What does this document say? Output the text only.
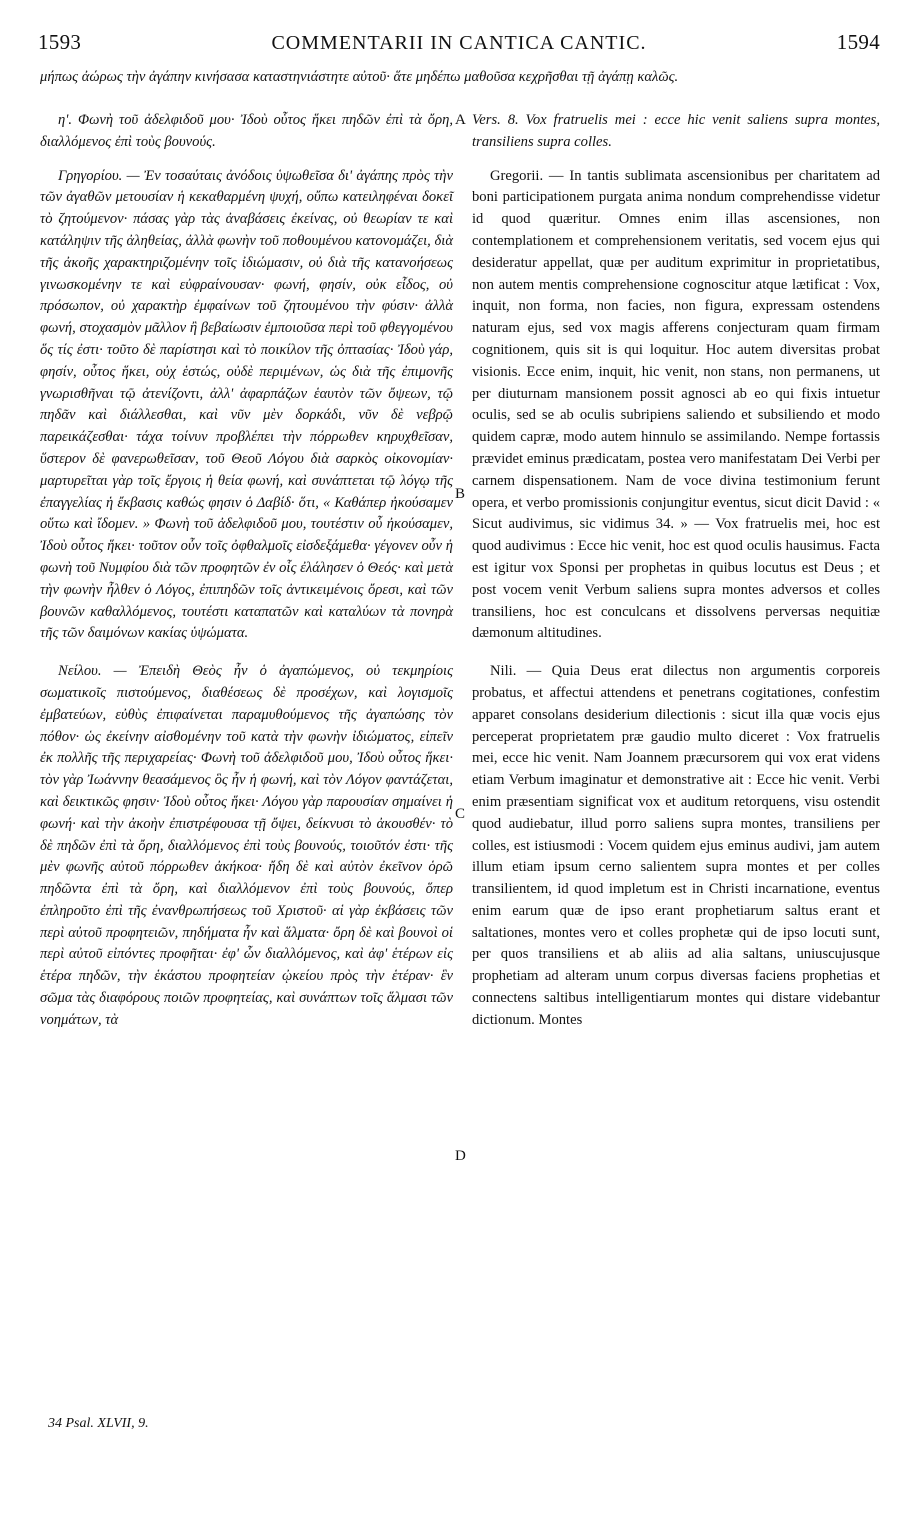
1593	COMMENTARII IN CANTICA CANTIC.	1594
μήπως ἀώρως τὴν ἀγάπην κινήσασα καταστηνιάστητε αὐτοῦ· ἅτε μηδέπω μαθοῦσα κεχρῆσθαι τῇ ἀγάπῃ καλῶς.

η'. Φωνὴ τοῦ ἀδελφιδοῦ μου· Ἰδοὺ οὗτος ἥκει πηδῶν ἐπὶ τὰ ὄρη, διαλλόμενος ἐπὶ τοὺς βουνούς.

Γρηγορίου. — Ἐν τοσαύταις ἀνόδοις ὑψωθεῖσα δι' ἀγάπης πρὸς τὴν τῶν ἀγαθῶν μετουσίαν ἡ κεκαθαρμένη ψυχή, οὔπω κατειληφέναι δοκεῖ τὸ ζητούμενον· πάσας γὰρ τὰς ἀναβάσεις ἐκείνας, οὐ θεωρίαν τε καὶ κατάληψιν τῆς ἀληθείας, ἀλλὰ φωνὴν τοῦ ποθουμένου κατονομάζει, διὰ τῆς ἀκοῆς χαρακτηριζομένην τοῖς ἰδιώμασιν, οὐ διὰ τῆς κατανοήσεως γινωσκομένην τε καὶ εὐφραίνουσαν· φωνή, φησίν, οὐκ εἶδος, οὐ πρόσωπον, οὐ χαρακτὴρ ἐμφαίνων τοῦ ζητουμένου τὴν φύσιν· ἀλλὰ φωνή, στοχασμὸν μᾶλλον ἢ βεβαίωσιν ἐμποιοῦσα περὶ τοῦ φθεγγομένου ὅς τίς ἐστι· τοῦτο δὲ παρίστησι καὶ τὸ ποικίλον τῆς ὀπτασίας· Ἰδοὺ γάρ, φησίν, οὗτος ἥκει, οὐχ ἑστώς, οὐδὲ περιμένων, ὡς διὰ τῆς ἐπιμονῆς γνωρισθῆναι τῷ ἀτενίζοντι, ἀλλ' ἀφαρπάζων ἑαυτὸν τῶν ὄψεων, τῷ πηδᾶν καὶ διάλλεσθαι, καὶ νῦν μὲν δορκάδι, νῦν δὲ νεβρῷ παρεικάζεσθαι· τάχα τοίνυν προβλέπει τὴν πόρρωθεν κηρυχθεῖσαν, ὕστερον δὲ φανερωθεῖσαν, τοῦ Θεοῦ Λόγου διὰ σαρκὸς οἰκονομίαν· μαρτυρεῖται γὰρ τοῖς ἔργοις ἡ θεία φωνή, καὶ συνάπτεται τῷ λόγῳ τῆς ἐπαγγελίας ἡ ἔκβασις καθώς φησιν ὁ Δαβίδ· ὅτι, « Καθάπερ ἠκούσαμεν οὕτω καὶ ἴδομεν. » Φωνὴ τοῦ ἀδελφιδοῦ μου, τουτέστιν οὗ ἠκούσαμεν, Ἰδοὺ οὗτος ἥκει· τοῦτον οὖν τοῖς ὀφθαλμοῖς εἰσδεξάμεθα· γέγονεν οὖν ἡ φωνὴ τοῦ Νυμφίου διὰ τῶν προφητῶν ἐν οἷς ἐλάλησεν ὁ Θεός· καὶ μετὰ τὴν φωνὴν ἦλθεν ὁ Λόγος, ἐπιπηδῶν τοῖς ἀντικειμένοις ὄρεσι, καὶ τῶν βουνῶν καθαλλόμενος, τουτέστι καταπατῶν καὶ καταλύων τὰ πονηρὰ τῆς τῶν δαιμόνων κακίας ὑψώματα.

Νείλου. — Ἐπειδὴ Θεὸς ἦν ὁ ἀγαπώμενος, οὐ τεκμηρίοις σωματικοῖς πιστούμενος, διαθέσεως δὲ προσέχων, καὶ λογισμοῖς ἐμβατεύων, εὐθὺς ἐπιφαίνεται παραμυθούμενος τῆς ἀγαπώσης τὸν πόθον· ὡς ἐκείνην αἰσθομένην τοῦ κατὰ τὴν φωνὴν ἰδιώματος, εἰπεῖν ἐκ πολλῆς τῆς περιχαρείας· Φωνὴ τοῦ ἀδελφιδοῦ μου, Ἰδοὺ οὗτος ἥκει· τὸν γὰρ Ἰωάννην θεασάμενος ὃς ἦν ἡ φωνή, καὶ τὸν Λόγον φαντάζεται, καὶ δεικτικῶς φησιν· Ἰδοὺ οὗτος ἥκει· Λόγου γὰρ παρουσίαν σημαίνει ἡ φωνή· καὶ τὴν ἀκοὴν ἐπιστρέφουσα τῇ ὄψει, δείκνυσι τὸ ἀκουσθέν· τὸ δὲ πηδῶν ἐπὶ τὰ ὄρη, διαλλόμενος ἐπὶ τοὺς βουνούς, τοιοῦτόν ἐστι· τῆς μὲν φωνῆς αὐτοῦ πόρρωθεν ἀκήκοα· ἤδη δὲ καὶ αὐτὸν ἐκεῖνον ὁρῶ πηδῶντα ἐπὶ τὰ ὄρη, καὶ διαλλόμενον ἐπὶ τοὺς βουνούς, ὅπερ ἐπληροῦτο ἐπὶ τῆς ἐνανθρωπήσεως τοῦ Χριστοῦ· αἱ γὰρ ἐκβάσεις τῶν περὶ αὐτοῦ προφητειῶν, πηδήματα ἦν καὶ ἅλματα· ὄρη δὲ καὶ βουνοὶ οἱ περὶ αὐτοῦ εἰπόντες προφῆται· ἐφ' ὧν διαλλόμενος, καὶ ἀφ' ἑτέρων εἰς ἑτέρα πηδῶν, τὴν ἑκάστου προφητείαν ᾠκείου πρὸς τὴν ἑτέραν· ἓν σῶμα τὰς διαφόρους ποιῶν προφητείας, καὶ συνάπτων τοῖς ἅλμασι τῶν νοημάτων, τὰ

Vers. 8. Vox fratruelis mei : ecce hic venit saliens supra montes, transiliens supra colles.

Gregorii. — In tantis sublimata ascensionibus per charitatem ad boni participationem purgata anima nondum comprehendisse videtur id quod quæritur. Omnes enim illas ascensiones, non contemplationem et comprehensionem veritatis, sed vocem ejus qui desideratur appellat, quæ per auditum exprimitur in proprietatibus, non autem mentis comprehensione cognoscitur atque lætificat : Vox, inquit, non forma, non facies, non figura, expressam ostendens naturam ejus, sed vox magis afferens conjecturam quam firmam cognitionem, quis sit is qui loquitur. Hoc autem diversitas probat visionis. Ecce enim, inquit, hic venit, non stans, non permanens, ut per diuturnam mansionem possit agnosci ab eo qui fixis intuetur oculis, sed se ab oculis subripiens saliendo et subsiliendo et modo quidem capræ, modo autem hinnulo se assimilando. Nempe fortassis prævidet eminus prædicatam, postea vero manifestatam Dei Verbi per carnem dispensationem. Nam de voce divina testimonium ferunt opera, et verbo promissionis conjungitur eventus, sicut dicit David : « Sicut audivimus, sic vidimus 34. » — Vox fratruelis mei, hoc est quod audivimus : Ecce hic venit, hoc est quod oculis hausimus. Facta est igitur vox Sponsi per prophetas in quibus locutus est Deus ; et post vocem venit Verbum saliens supra montes adversos et colles transiliens, hoc est conculcans et dissolvens perversas nequitiæ dæmonum altitudines.

Nili. — Quia Deus erat dilectus non argumentis corporeis probatus, et affectui attendens et penetrans cogitationes, confestim apparet consolans desiderium dilectionis : sicut illa quæ vocis ejus perceperat proprietatem præ gaudio multo diceret : Vox fratruelis mei, ecce hic venit. Nam Joannem præcursorem qui vox erat videns etiam Verbum imaginatur et demonstrative ait : Ecce hic venit. Verbi enim præsentiam significat vox et auditum retorquens, visu ostendit quod audiebatur, illud porro saliens supra montes, transiliens per colles, est istiusmodi : Vocem quidem ejus eminus audivi, jam autem illum etiam ipsum cerno salientem supra montes et per colles transilientem, id quod impletum est in Christi incarnatione, eventus enim earum quæ de ipso erant prophetiarum saltus erant et saltationes, montes vero et colles prophetæ qui de ipso locuti sunt, per quos transiliens et ab aliis ad alia saltans, uniuscujusque prophetiam ad alteram unum corpus diversas faciens prophetias et connectens saltibus intelligentiarum montes qui distare videbantur dictionum. Montes

A
B
C
D
34 Psal. XLVII, 9.
